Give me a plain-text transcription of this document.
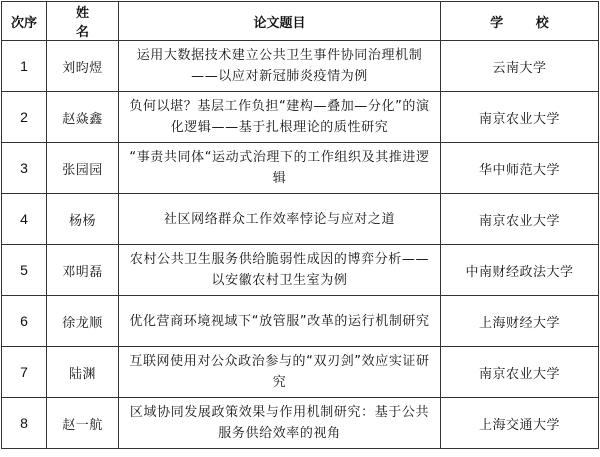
次序	姓 名	论文题目	学 校
1	刘昀煜	运用大数据技术建立公共卫生事件协同治理机制——以应对新冠肺炎疫情为例	云南大学
2	赵焱鑫	负何以堪？基层工作负担“建构—叠加—分化”的演化逻辑——基于扎根理论的质性研究	南京农业大学
3	张园园	“事责共同体“运动式治理下的工作组织及其推进逻辑	华中师范大学
4	杨杨	社区网络群众工作效率悖论与应对之道	南京农业大学
5	邓明磊	农村公共卫生服务供给脆弱性成因的博弈分析——以安徽农村卫生室为例	中南财经政法大学
6	徐龙顺	优化营商环境视域下“放管服”改革的运行机制研究	上海财经大学
7	陆渊	互联网使用对公众政治参与的“双刃剑”效应实证研究	南京农业大学
8	赵一航	区域协同发展政策效果与作用机制研究：基于公共服务供给效率的视角	上海交通大学
